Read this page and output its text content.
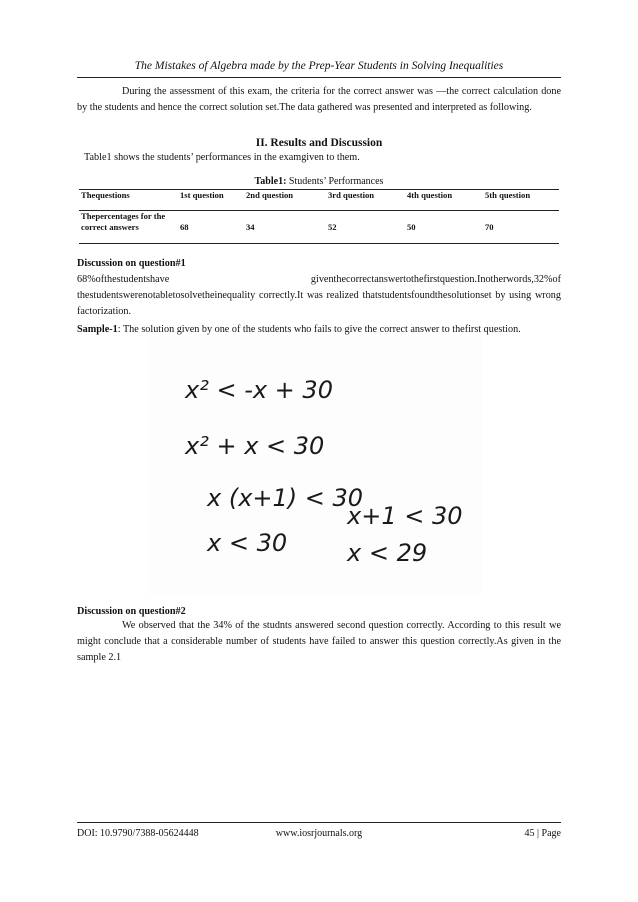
The Mistakes of Algebra made by the Prep-Year Students in Solving Inequalities
During the assessment of this exam, the criteria for the correct answer was ―the correct calculation done by the students and hence the correct solution set.The data gathered was presented and interpreted as following.
II. Results and Discussion
Table1 shows the students’ performances in the examgiven to them.
Table1: Students’ Performances
Thequestions	1st question	2nd question	3rd question	4th question	5th question
Thepercentages for the correct answers	68	34	52	50	70
Discussion on question#1
68%ofthestudentshave	giventhecorrectanswertothefirstquestion.Inotherwords,32%of
thestudentswerenotabletosolvetheinequality correctly.It was realized thatstudentsfoundthesolutionset by using wrong factorization.
Sample-1: The solution given by one of the students who fails to give the correct answer to thefirst question.
x² < -x + 30
x² + x < 30
x (x+1) < 30
x < 30
x+1 < 30
x < 29
Discussion on question#2
We observed that the 34% of the studnts answered second question correctly. According to this result we might conclude that a considerable number of students have failed to answer this question correctly.As given in the sample 2.1
DOI: 10.9790/7388-05624448	www.iosrjournals.org	45 | Page
